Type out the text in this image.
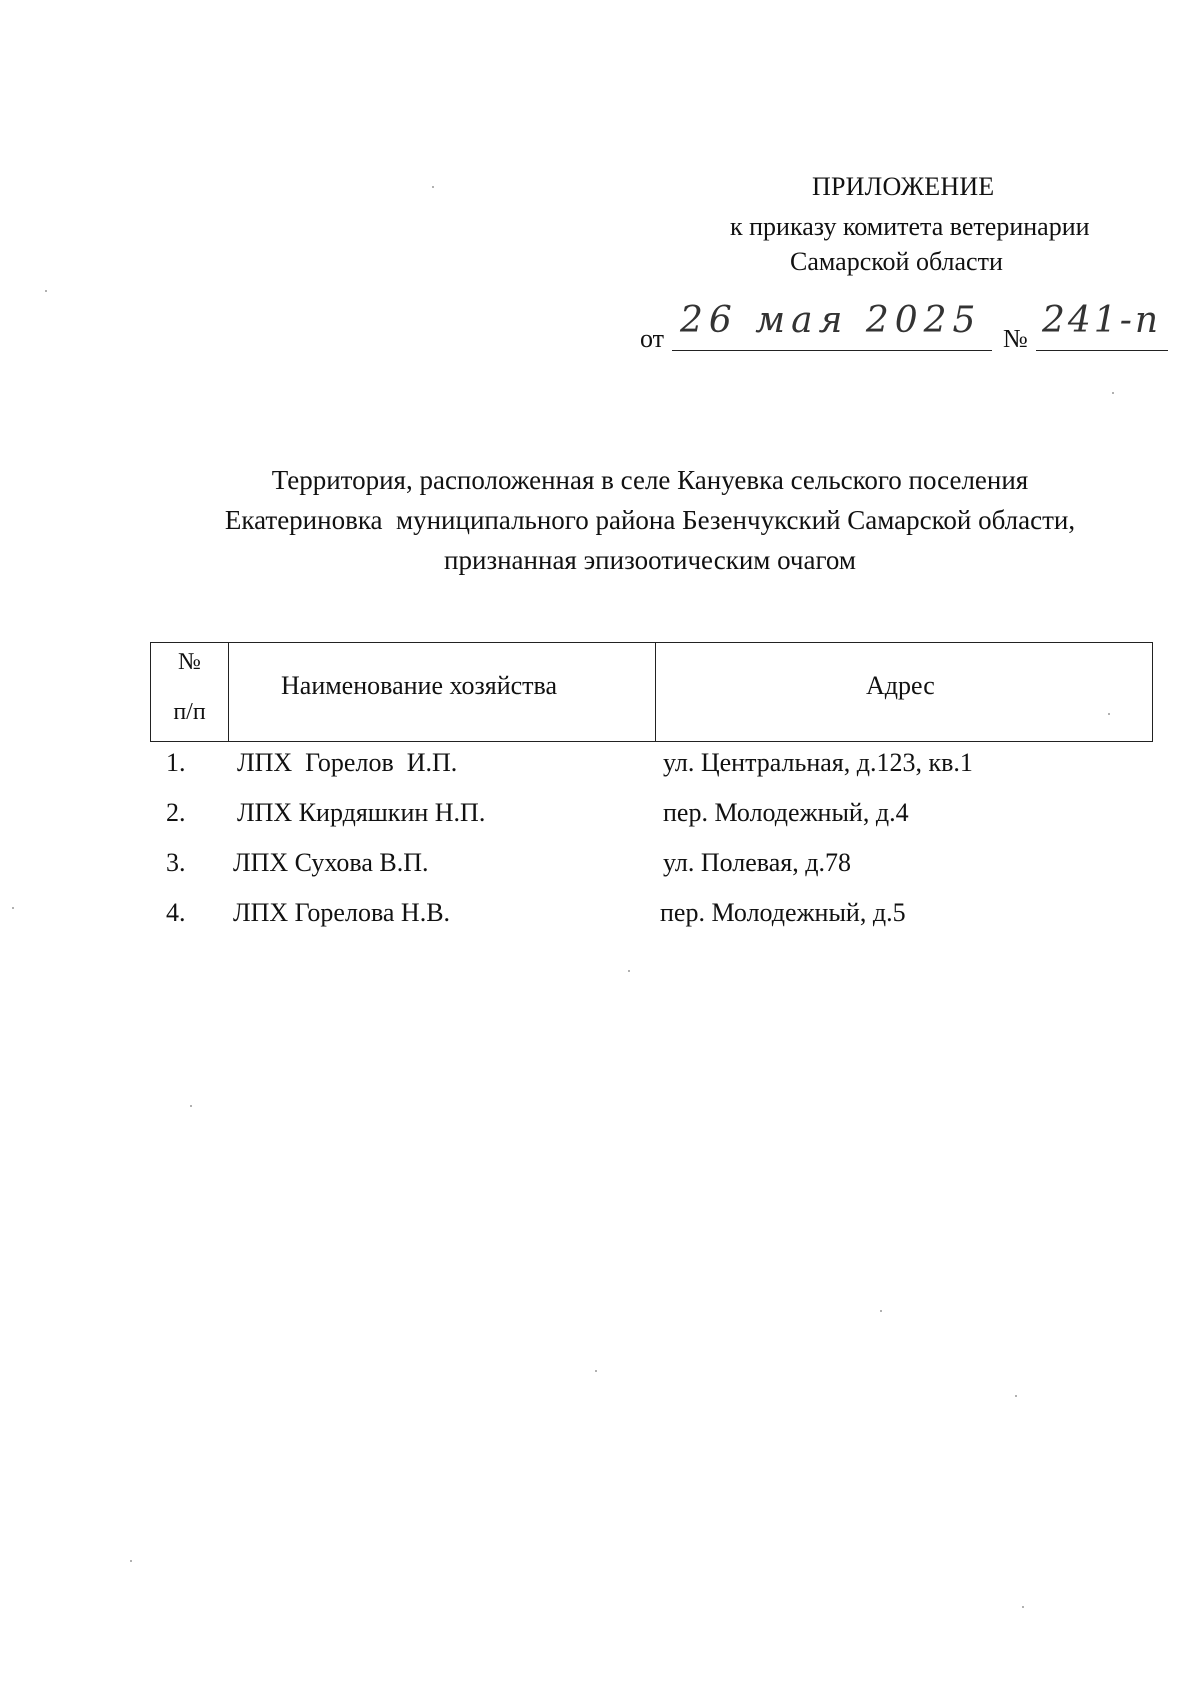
ПРИЛОЖЕНИЕ
к приказу комитета ветеринарии
Самарской области
от 26 мая 2025 № 241-п
Территория, расположенная в селе Кануевка сельского поселения
Екатериновка  муниципального района Безенчукский Самарской области,
признанная эпизоотическим очагом
№
п/п
Наименование хозяйства	Адрес
1. ЛПХ  Горелов  И.П.	ул. Центральная, д.123, кв.1
2. ЛПХ Кирдяшкин Н.П.	пер. Молодежный, д.4
3. ЛПХ Сухова В.П.	ул. Полевая, д.78
4. ЛПХ Горелова Н.В.	пер. Молодежный, д.5
